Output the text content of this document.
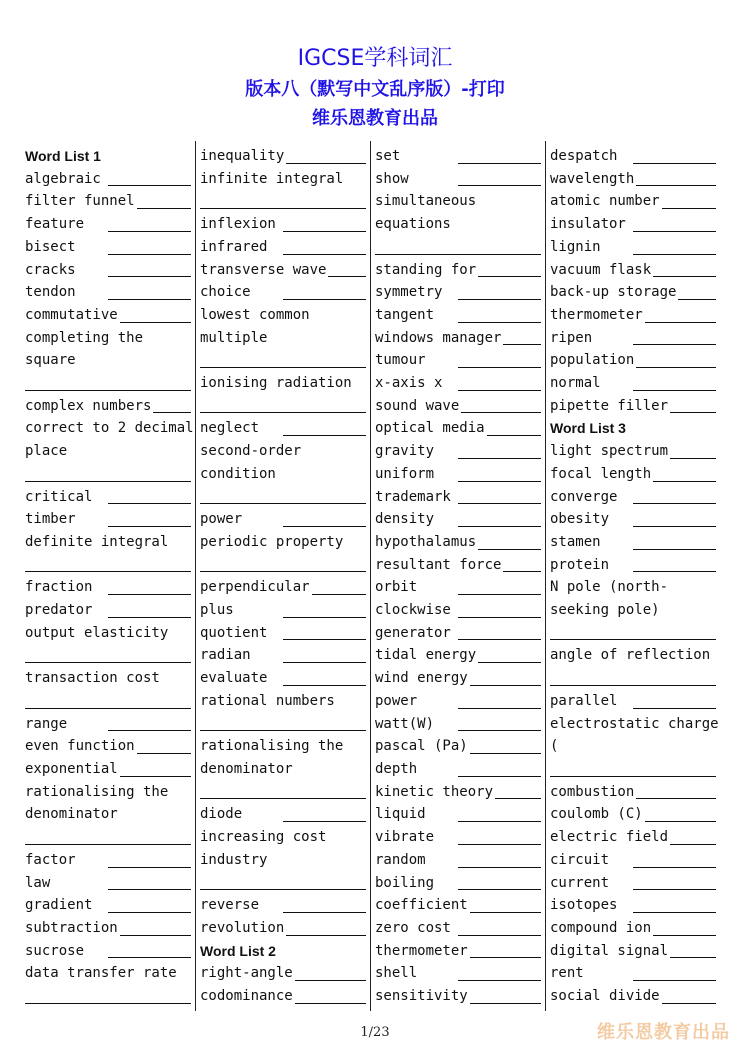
IGCSE学科词汇
版本八（默写中文乱序版）-打印
维乐恩教育出品
Word List 1
algebraic
filter funnel
feature
bisect
cracks
tendon
commutative
completing the
square

complex numbers
correct to 2 decimal
place

critical
timber
definite integral

fraction
predator
output elasticity

transaction cost

range
even function
exponential
rationalising the
denominator

factor
law
gradient
subtraction
sucrose
data transfer rate

inequality
infinite integral

inflexion
infrared
transverse wave
choice
lowest common
multiple

ionising radiation

neglect
second-order
condition

power
periodic property

perpendicular
plus
quotient
radian
evaluate
rational numbers

rationalising the
denominator

diode
increasing cost
industry

reverse
revolution
Word List 2
right-angle
codominance
set
show
simultaneous
equations

standing for
symmetry
tangent
windows manager
tumour
x-axis x
sound wave
optical media
gravity
uniform
trademark
density
hypothalamus
resultant force
orbit
clockwise
generator
tidal energy
wind energy
power
watt(W)
pascal (Pa)
depth
kinetic theory
liquid
vibrate
random
boiling
coefficient
zero cost
thermometer
shell
sensitivity
despatch
wavelength
atomic number
insulator
lignin
vacuum flask
back-up storage
thermometer
ripen
population
normal
pipette filler
Word List 3
light spectrum
focal length
converge
obesity
stamen
protein
N pole (north-
seeking pole)

angle of reflection

parallel
electrostatic charge
(

combustion
coulomb (C)
electric field
circuit
current
isotopes
compound ion
digital signal
rent
social divide
1/23	维乐恩教育出品
